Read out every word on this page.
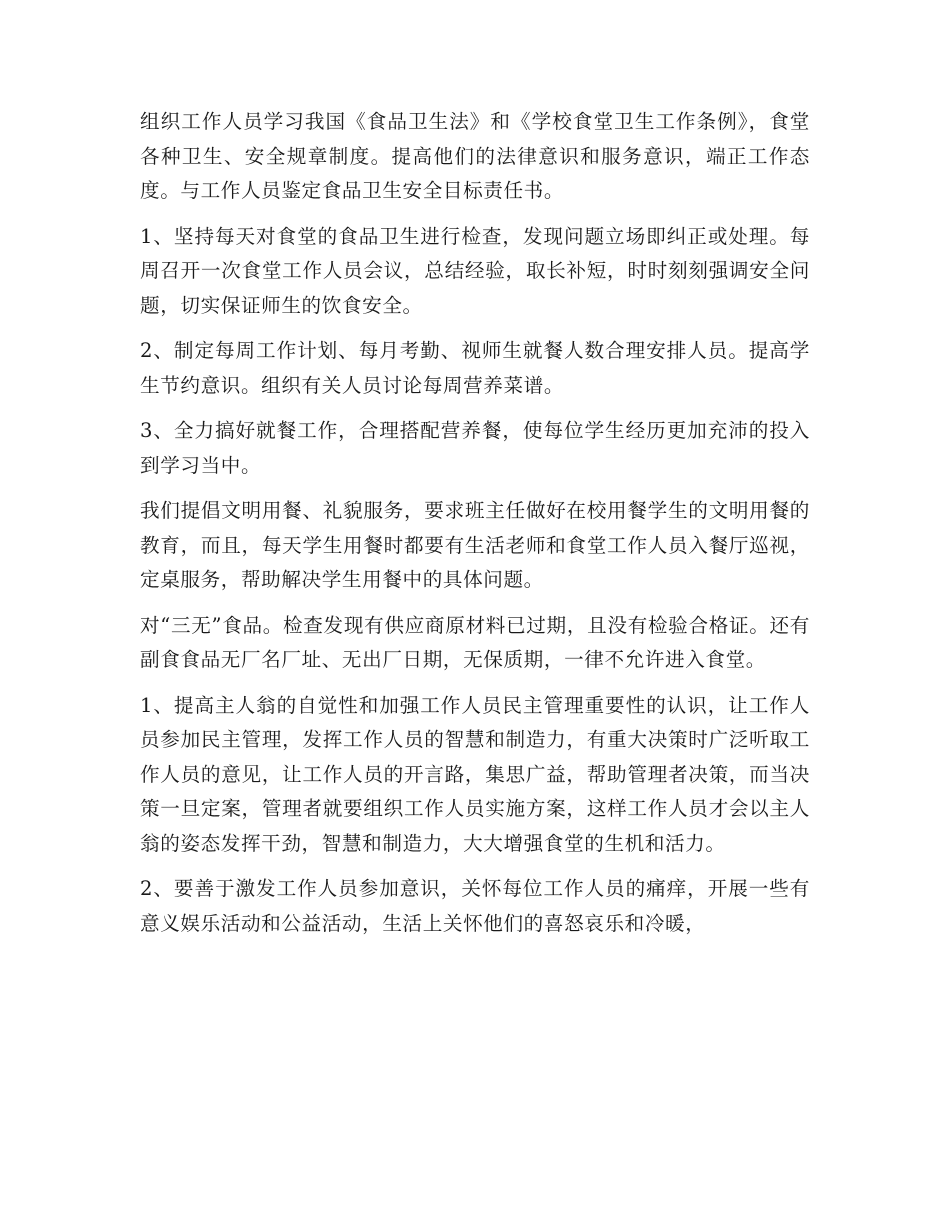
组织工作人员学习我国《食品卫生法》和《学校食堂卫生工作条例》，食堂各种卫生、安全规章制度。提高他们的法律意识和服务意识，端正工作态度。与工作人员鉴定食品卫生安全目标责任书。

1、坚持每天对食堂的食品卫生进行检查，发现问题立场即纠正或处理。每周召开一次食堂工作人员会议，总结经验，取长补短，时时刻刻强调安全问题，切实保证师生的饮食安全。

2、制定每周工作计划、每月考勤、视师生就餐人数合理安排人员。提高学生节约意识。组织有关人员讨论每周营养菜谱。

3、全力搞好就餐工作，合理搭配营养餐，使每位学生经历更加充沛的投入到学习当中。

我们提倡文明用餐、礼貌服务，要求班主任做好在校用餐学生的文明用餐的教育，而且，每天学生用餐时都要有生活老师和食堂工作人员入餐厅巡视，定桌服务，帮助解决学生用餐中的具体问题。

对“三无”食品。检查发现有供应商原材料已过期，且没有检验合格证。还有副食食品无厂名厂址、无出厂日期，无保质期，一律不允许进入食堂。

1、提高主人翁的自觉性和加强工作人员民主管理重要性的认识，让工作人员参加民主管理，发挥工作人员的智慧和制造力，有重大决策时广泛听取工作人员的意见，让工作人员的开言路，集思广益，帮助管理者决策，而当决策一旦定案，管理者就要组织工作人员实施方案，这样工作人员才会以主人翁的姿态发挥干劲，智慧和制造力，大大增强食堂的生机和活力。

2、要善于激发工作人员参加意识，关怀每位工作人员的痛痒，开展一些有意义娱乐活动和公益活动，生活上关怀他们的喜怒哀乐和冷暖，
